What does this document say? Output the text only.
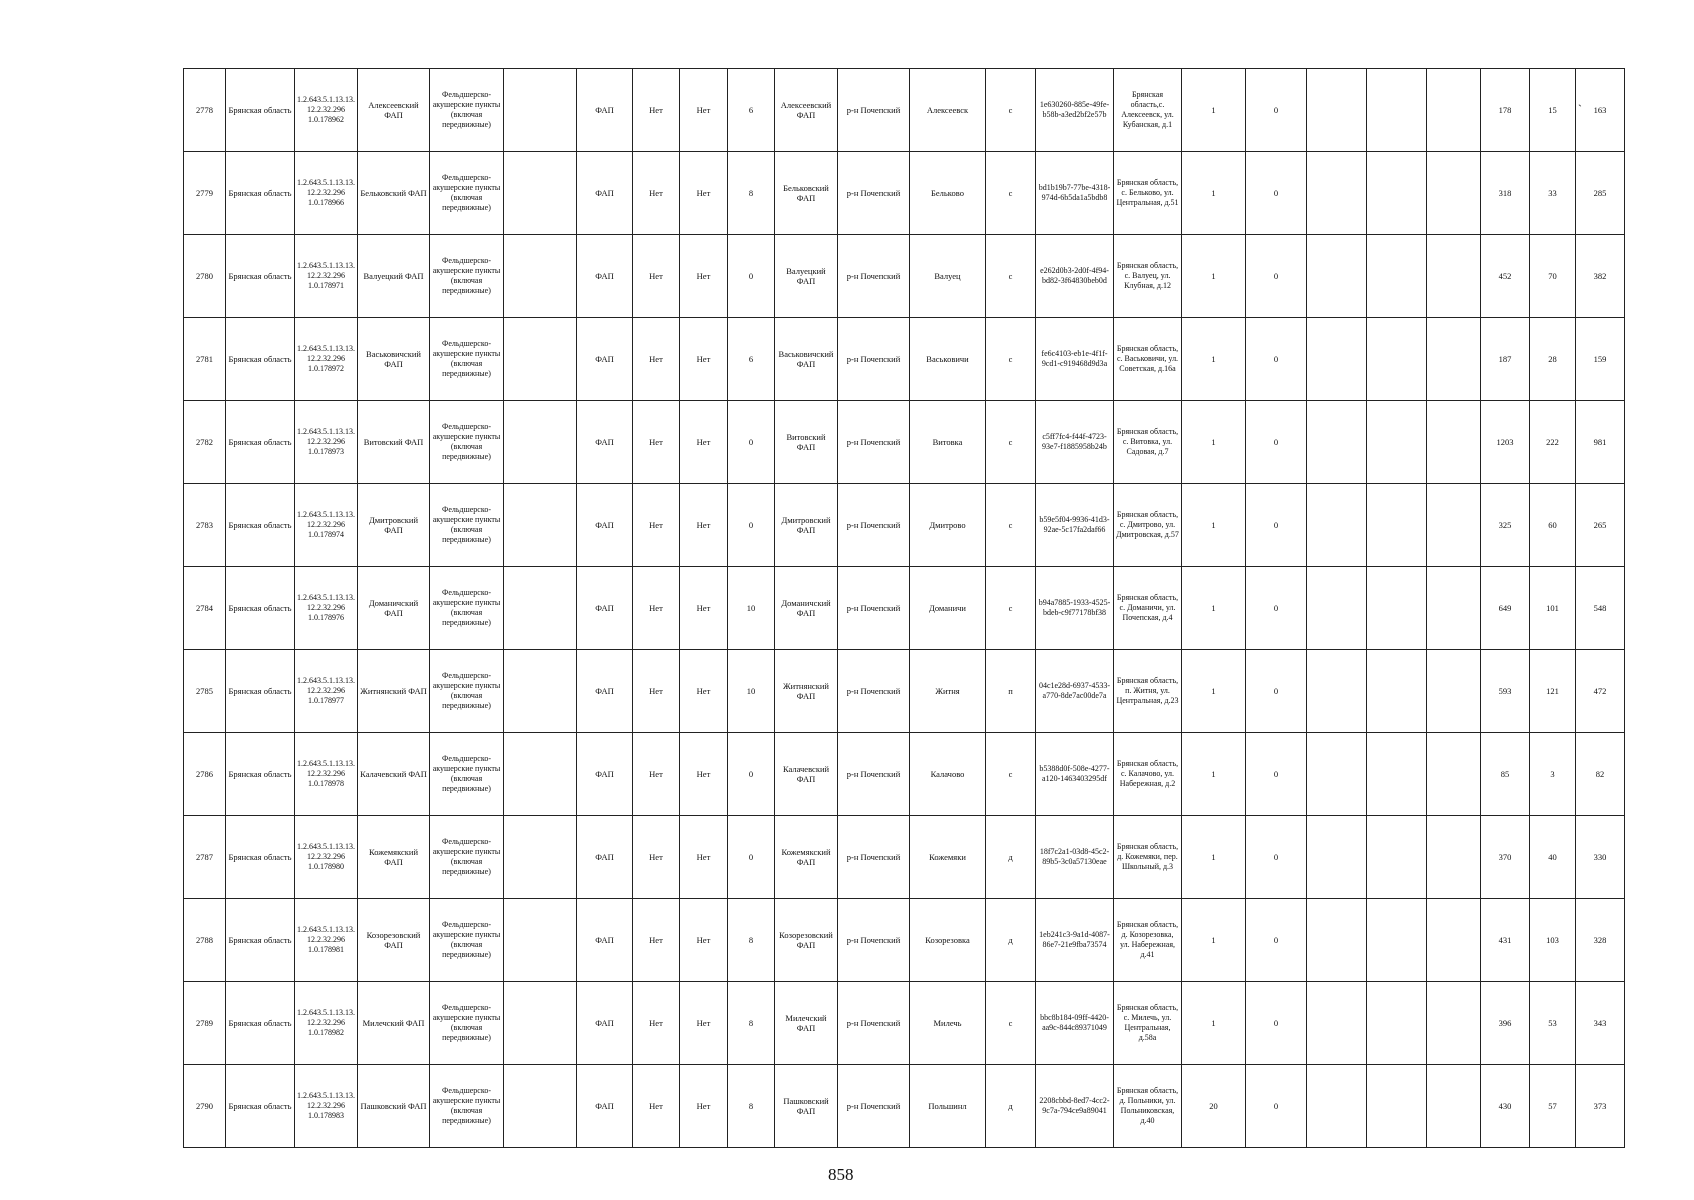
2778	Брянская область	1.2.643.5.1.13.13.12.2.32.296 1.0.178962	Алексеевский ФАП	Фельдшерско-акушерские пункты (включая передвижные)		ФАП	Нет	Нет	6	Алексеевский ФАП	р-н Почепский	Алексеевск	с	1e630260-885e-49fe-b58b-a3ed2bf2e57b	Брянская область,с. Алексеевск, ул. Кубанская, д.1	1	0				178	15	163
2779	Брянская область	1.2.643.5.1.13.13.12.2.32.296 1.0.178966	Бельковский ФАП	Фельдшерско-акушерские пункты (включая передвижные)		ФАП	Нет	Нет	8	Бельковский ФАП	р-н Почепский	Бельково	с	bd1b19b7-77be-4318-974d-6b5da1a5bdb8	Брянская область, с. Бельково, ул. Центральная, д.51	1	0				318	33	285
2780	Брянская область	1.2.643.5.1.13.13.12.2.32.296 1.0.178971	Валуецкий ФАП	Фельдшерско-акушерские пункты (включая передвижные)		ФАП	Нет	Нет	0	Валуецкий ФАП	р-н Почепский	Валуец	с	e262d0b3-2d0f-4f94-bd82-3f64830beb0d	Брянская область, с. Валуец, ул. Клубная, д.12	1	0				452	70	382
2781	Брянская область	1.2.643.5.1.13.13.12.2.32.296 1.0.178972	Васьковичский ФАП	Фельдшерско-акушерские пункты (включая передвижные)		ФАП	Нет	Нет	6	Васьковичский ФАП	р-н Почепский	Васьковичи	с	fe6c4103-eb1e-4f1f-9cd1-c919468d9d3a	Брянская область, с. Васьковичи, ул. Советская, д.16а	1	0				187	28	159
2782	Брянская область	1.2.643.5.1.13.13.12.2.32.296 1.0.178973	Витовский ФАП	Фельдшерско-акушерские пункты (включая передвижные)		ФАП	Нет	Нет	0	Витовский ФАП	р-н Почепский	Витовка	с	c5ff7fc4-f44f-4723-93e7-f1885958b24b	Брянская область, с. Витовка, ул. Садовая, д.7	1	0				1203	222	981
2783	Брянская область	1.2.643.5.1.13.13.12.2.32.296 1.0.178974	Дмитровский ФАП	Фельдшерско-акушерские пункты (включая передвижные)		ФАП	Нет	Нет	0	Дмитровский ФАП	р-н Почепский	Дмитрово	с	b59e5f04-9936-41d3-92ae-5c17fa2daf66	Брянская область, с. Дмитрово, ул. Дмитровская, д.57	1	0				325	60	265
2784	Брянская область	1.2.643.5.1.13.13.12.2.32.296 1.0.178976	Доманичский ФАП	Фельдшерско-акушерские пункты (включая передвижные)		ФАП	Нет	Нет	10	Доманичский ФАП	р-н Почепский	Доманичи	с	b94a7885-1933-4525-bdeb-c9f77178bf38	Брянская область, с. Доманичи, ул. Почепская, д.4	1	0				649	101	548
2785	Брянская область	1.2.643.5.1.13.13.12.2.32.296 1.0.178977	Житнянский ФАП	Фельдшерско-акушерские пункты (включая передвижные)		ФАП	Нет	Нет	10	Житнянский ФАП	р-н Почепский	Житня	п	04c1e28d-6937-4533-a770-8de7ac00de7a	Брянская область, п. Житня, ул. Центральная, д.23	1	0				593	121	472
2786	Брянская область	1.2.643.5.1.13.13.12.2.32.296 1.0.178978	Калачевский ФАП	Фельдшерско-акушерские пункты (включая передвижные)		ФАП	Нет	Нет	0	Калачевский ФАП	р-н Почепский	Калачово	с	b5388d0f-508e-4277-a120-1463403295df	Брянская область, с. Калачово, ул. Набережная, д.2	1	0				85	3	82
2787	Брянская область	1.2.643.5.1.13.13.12.2.32.296 1.0.178980	Кожемякский ФАП	Фельдшерско-акушерские пункты (включая передвижные)		ФАП	Нет	Нет	0	Кожемякский ФАП	р-н Почепский	Кожемяки	д	18f7c2a1-03d8-45c2-89b5-3c0a57130eae	Брянская область, д. Кожемяки, пер. Школьный, д.3	1	0				370	40	330
2788	Брянская область	1.2.643.5.1.13.13.12.2.32.296 1.0.178981	Козорезовский ФАП	Фельдшерско-акушерские пункты (включая передвижные)		ФАП	Нет	Нет	8	Козорезовский ФАП	р-н Почепский	Козорезовка	д	1eb241c3-9a1d-4087-86e7-21e9fba73574	Брянская область, д. Козорезовка, ул. Набережная, д.41	1	0				431	103	328
2789	Брянская область	1.2.643.5.1.13.13.12.2.32.296 1.0.178982	Милечский ФАП	Фельдшерско-акушерские пункты (включая передвижные)		ФАП	Нет	Нет	8	Милечский ФАП	р-н Почепский	Милечь	с	bbc8b184-09ff-4420-aa9c-844c89371049	Брянская область, с. Милечь, ул. Центральная, д.58а	1	0				396	53	343
2790	Брянская область	1.2.643.5.1.13.13.12.2.32.296 1.0.178983	Пашковский ФАП	Фельдшерско-акушерские пункты (включая передвижные)		ФАП	Нет	Нет	8	Пашковский ФАП	р-н Почепский	Польшинл	д	2208cbbd-8ed7-4cc2-9c7a-794ce9a89041	Брянская область, д. Польники, ул. Польниковская, д.40	20	0				430	57	373
858
`
